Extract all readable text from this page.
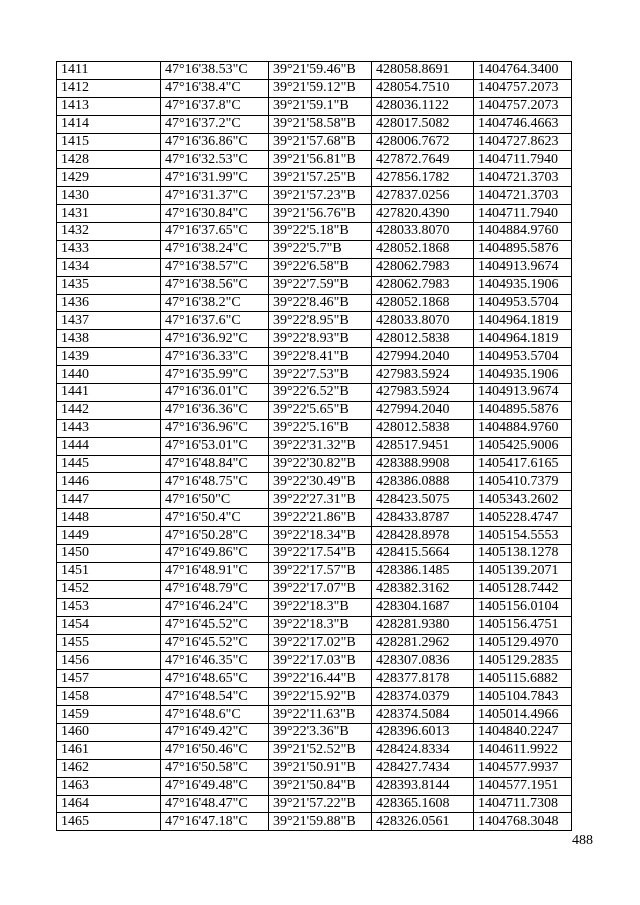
1411	47°16'38.53"С	39°21'59.46"В	428058.8691	1404764.3400
1412	47°16'38.4"С	39°21'59.12"В	428054.7510	1404757.2073
1413	47°16'37.8"С	39°21'59.1"В	428036.1122	1404757.2073
1414	47°16'37.2"С	39°21'58.58"В	428017.5082	1404746.4663
1415	47°16'36.86"С	39°21'57.68"В	428006.7672	1404727.8623
1428	47°16'32.53"С	39°21'56.81"В	427872.7649	1404711.7940
1429	47°16'31.99"С	39°21'57.25"В	427856.1782	1404721.3703
1430	47°16'31.37"С	39°21'57.23"В	427837.0256	1404721.3703
1431	47°16'30.84"С	39°21'56.76"В	427820.4390	1404711.7940
1432	47°16'37.65"С	39°22'5.18"В	428033.8070	1404884.9760
1433	47°16'38.24"С	39°22'5.7"В	428052.1868	1404895.5876
1434	47°16'38.57"С	39°22'6.58"В	428062.7983	1404913.9674
1435	47°16'38.56"С	39°22'7.59"В	428062.7983	1404935.1906
1436	47°16'38.2"С	39°22'8.46"В	428052.1868	1404953.5704
1437	47°16'37.6"С	39°22'8.95"В	428033.8070	1404964.1819
1438	47°16'36.92"С	39°22'8.93"В	428012.5838	1404964.1819
1439	47°16'36.33"С	39°22'8.41"В	427994.2040	1404953.5704
1440	47°16'35.99"С	39°22'7.53"В	427983.5924	1404935.1906
1441	47°16'36.01"С	39°22'6.52"В	427983.5924	1404913.9674
1442	47°16'36.36"С	39°22'5.65"В	427994.2040	1404895.5876
1443	47°16'36.96"С	39°22'5.16"В	428012.5838	1404884.9760
1444	47°16'53.01"С	39°22'31.32"В	428517.9451	1405425.9006
1445	47°16'48.84"С	39°22'30.82"В	428388.9908	1405417.6165
1446	47°16'48.75"С	39°22'30.49"В	428386.0888	1405410.7379
1447	47°16'50"С	39°22'27.31"В	428423.5075	1405343.2602
1448	47°16'50.4"С	39°22'21.86"В	428433.8787	1405228.4747
1449	47°16'50.28"С	39°22'18.34"В	428428.8978	1405154.5553
1450	47°16'49.86"С	39°22'17.54"В	428415.5664	1405138.1278
1451	47°16'48.91"С	39°22'17.57"В	428386.1485	1405139.2071
1452	47°16'48.79"С	39°22'17.07"В	428382.3162	1405128.7442
1453	47°16'46.24"С	39°22'18.3"В	428304.1687	1405156.0104
1454	47°16'45.52"С	39°22'18.3"В	428281.9380	1405156.4751
1455	47°16'45.52"С	39°22'17.02"В	428281.2962	1405129.4970
1456	47°16'46.35"С	39°22'17.03"В	428307.0836	1405129.2835
1457	47°16'48.65"С	39°22'16.44"В	428377.8178	1405115.6882
1458	47°16'48.54"С	39°22'15.92"В	428374.0379	1405104.7843
1459	47°16'48.6"С	39°22'11.63"В	428374.5084	1405014.4966
1460	47°16'49.42"С	39°22'3.36"В	428396.6013	1404840.2247
1461	47°16'50.46"С	39°21'52.52"В	428424.8334	1404611.9922
1462	47°16'50.58"С	39°21'50.91"В	428427.7434	1404577.9937
1463	47°16'49.48"С	39°21'50.84"В	428393.8144	1404577.1951
1464	47°16'48.47"С	39°21'57.22"В	428365.1608	1404711.7308
1465	47°16'47.18"С	39°21'59.88"В	428326.0561	1404768.3048
488
